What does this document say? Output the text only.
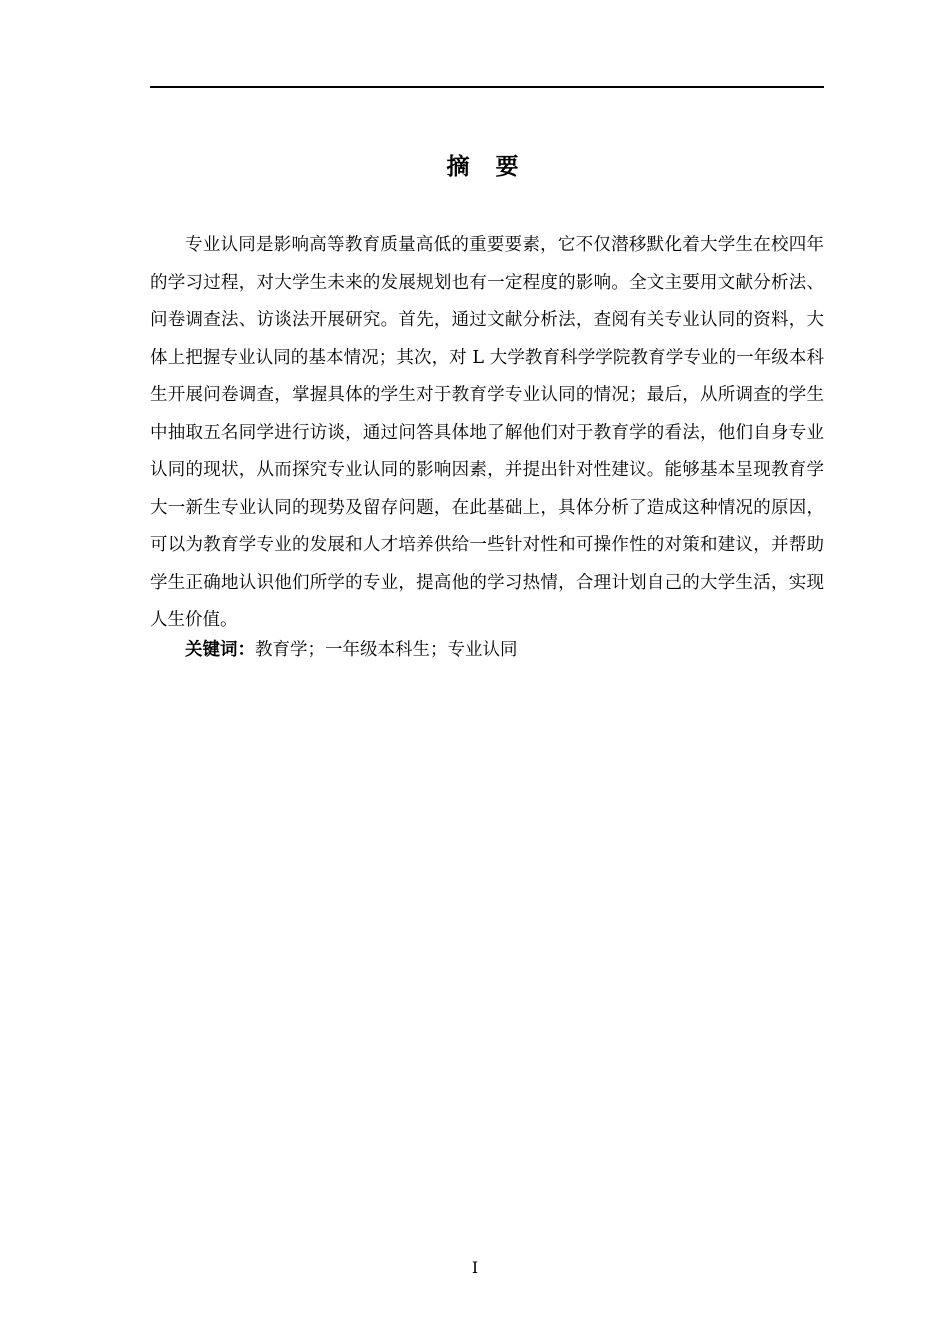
摘 要

专业认同是影响高等教育质量高低的重要要素，它不仅潜移默化着大学生在校四年的学习过程，对大学生未来的发展规划也有一定程度的影响。全文主要用文献分析法、问卷调查法、访谈法开展研究。首先，通过文献分析法，查阅有关专业认同的资料，大体上把握专业认同的基本情况；其次，对 L 大学教育科学学院教育学专业的一年级本科生开展问卷调查，掌握具体的学生对于教育学专业认同的情况；最后，从所调查的学生中抽取五名同学进行访谈，通过问答具体地了解他们对于教育学的看法，他们自身专业认同的现状，从而探究专业认同的影响因素，并提出针对性建议。能够基本呈现教育学大一新生专业认同的现势及留存问题，在此基础上，具体分析了造成这种情况的原因，可以为教育学专业的发展和人才培养供给一些针对性和可操作性的对策和建议，并帮助学生正确地认识他们所学的专业，提高他的学习热情，合理计划自己的大学生活，实现人生价值。

关键词：教育学；一年级本科生；专业认同

I
